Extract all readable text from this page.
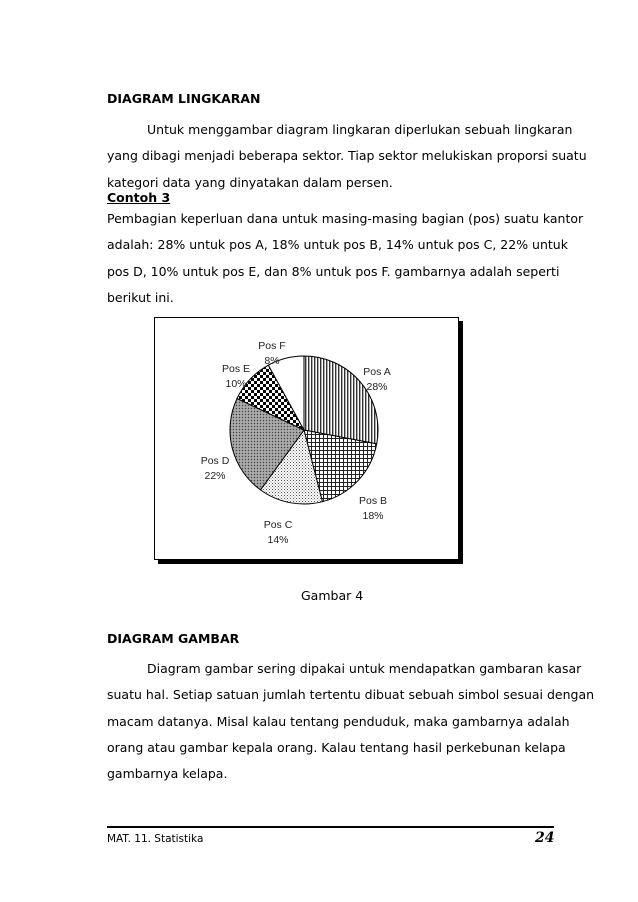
DIAGRAM LINGKARAN
Untuk menggambar diagram lingkaran diperlukan sebuah lingkaran
yang dibagi menjadi beberapa sektor. Tiap sektor melukiskan proporsi suatu
kategori data yang dinyatakan dalam persen.
Contoh 3
Pembagian keperluan dana untuk masing-masing bagian (pos) suatu kantor
adalah: 28% untuk pos A, 18% untuk pos B, 14% untuk pos C, 22% untuk
pos D, 10% untuk pos E, dan 8% untuk pos F. gambarnya adalah seperti
berikut ini.
Pos A
28%
Pos B
18%
Pos C
14%
Pos D
22%
Pos E
10%
Pos F
8%
Gambar 4
DIAGRAM GAMBAR
Diagram gambar sering dipakai untuk mendapatkan gambaran kasar
suatu hal. Setiap satuan jumlah tertentu dibuat sebuah simbol sesuai dengan
macam datanya. Misal kalau tentang penduduk, maka gambarnya adalah
orang atau gambar kepala orang. Kalau tentang hasil perkebunan kelapa
gambarnya kelapa.
MAT. 11. Statistika	24
